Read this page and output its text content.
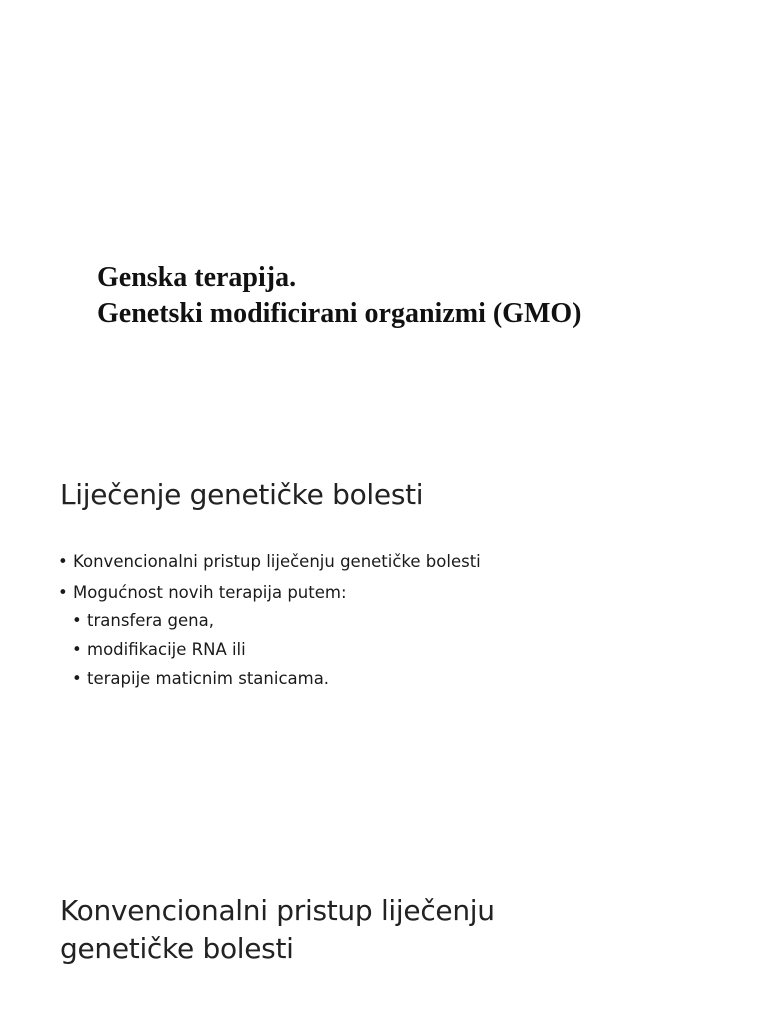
Genska terapija.
Genetski modificirani organizmi (GMO)
Liječenje genetičke bolesti
• Konvencionalni pristup liječenju genetičke bolesti
• Mogućnost novih terapija putem:
• transfera gena,
• modifikacije RNA ili
• terapije maticnim stanicama.
Konvencionalni pristup liječenju
genetičke bolesti
